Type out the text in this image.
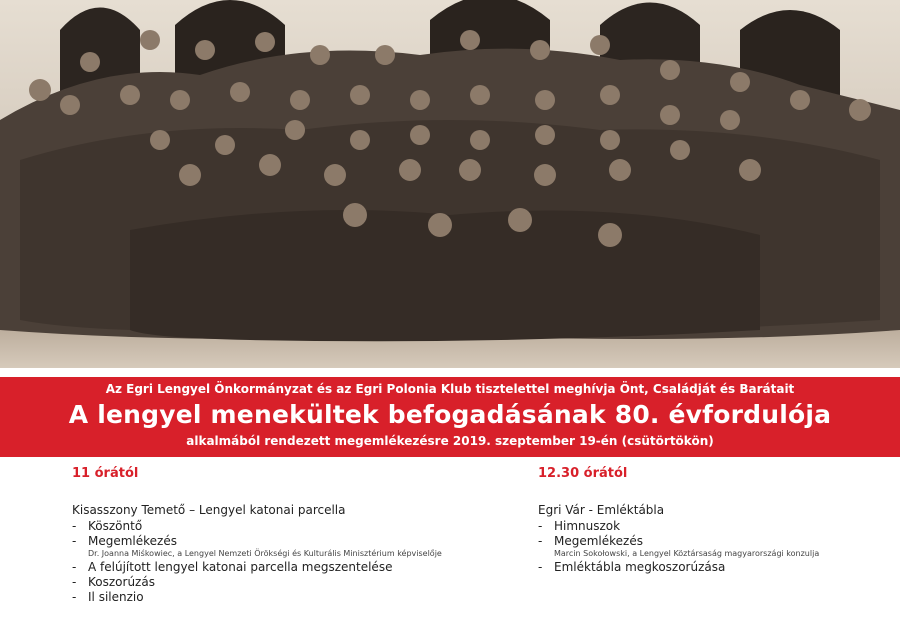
Az Egri Lengyel Önkormányzat és az Egri Polonia Klub tisztelettel meghívja Önt, Családját és Barátait
A lengyel menekültek befogadásának 80. évfordulója
alkalmából rendezett megemlékezésre 2019. szeptember 19-én (csütörtökön)
11 órától
Kisasszony Temető – Lengyel katonai parcella
- Köszöntő
- Megemlékezés
Dr. Joanna Miśkowiec, a Lengyel Nemzeti Örökségi és Kulturális Minisztérium képviselője
- A felújított lengyel katonai parcella megszentelése
- Koszorúzás
- Il silenzio
12.30 órától
Egri Vár - Emléktábla
- Himnuszok
- Megemlékezés
Marcin Sokołowski, a Lengyel Köztársaság magyarországi konzulja
- Emléktábla megkoszorúzása
